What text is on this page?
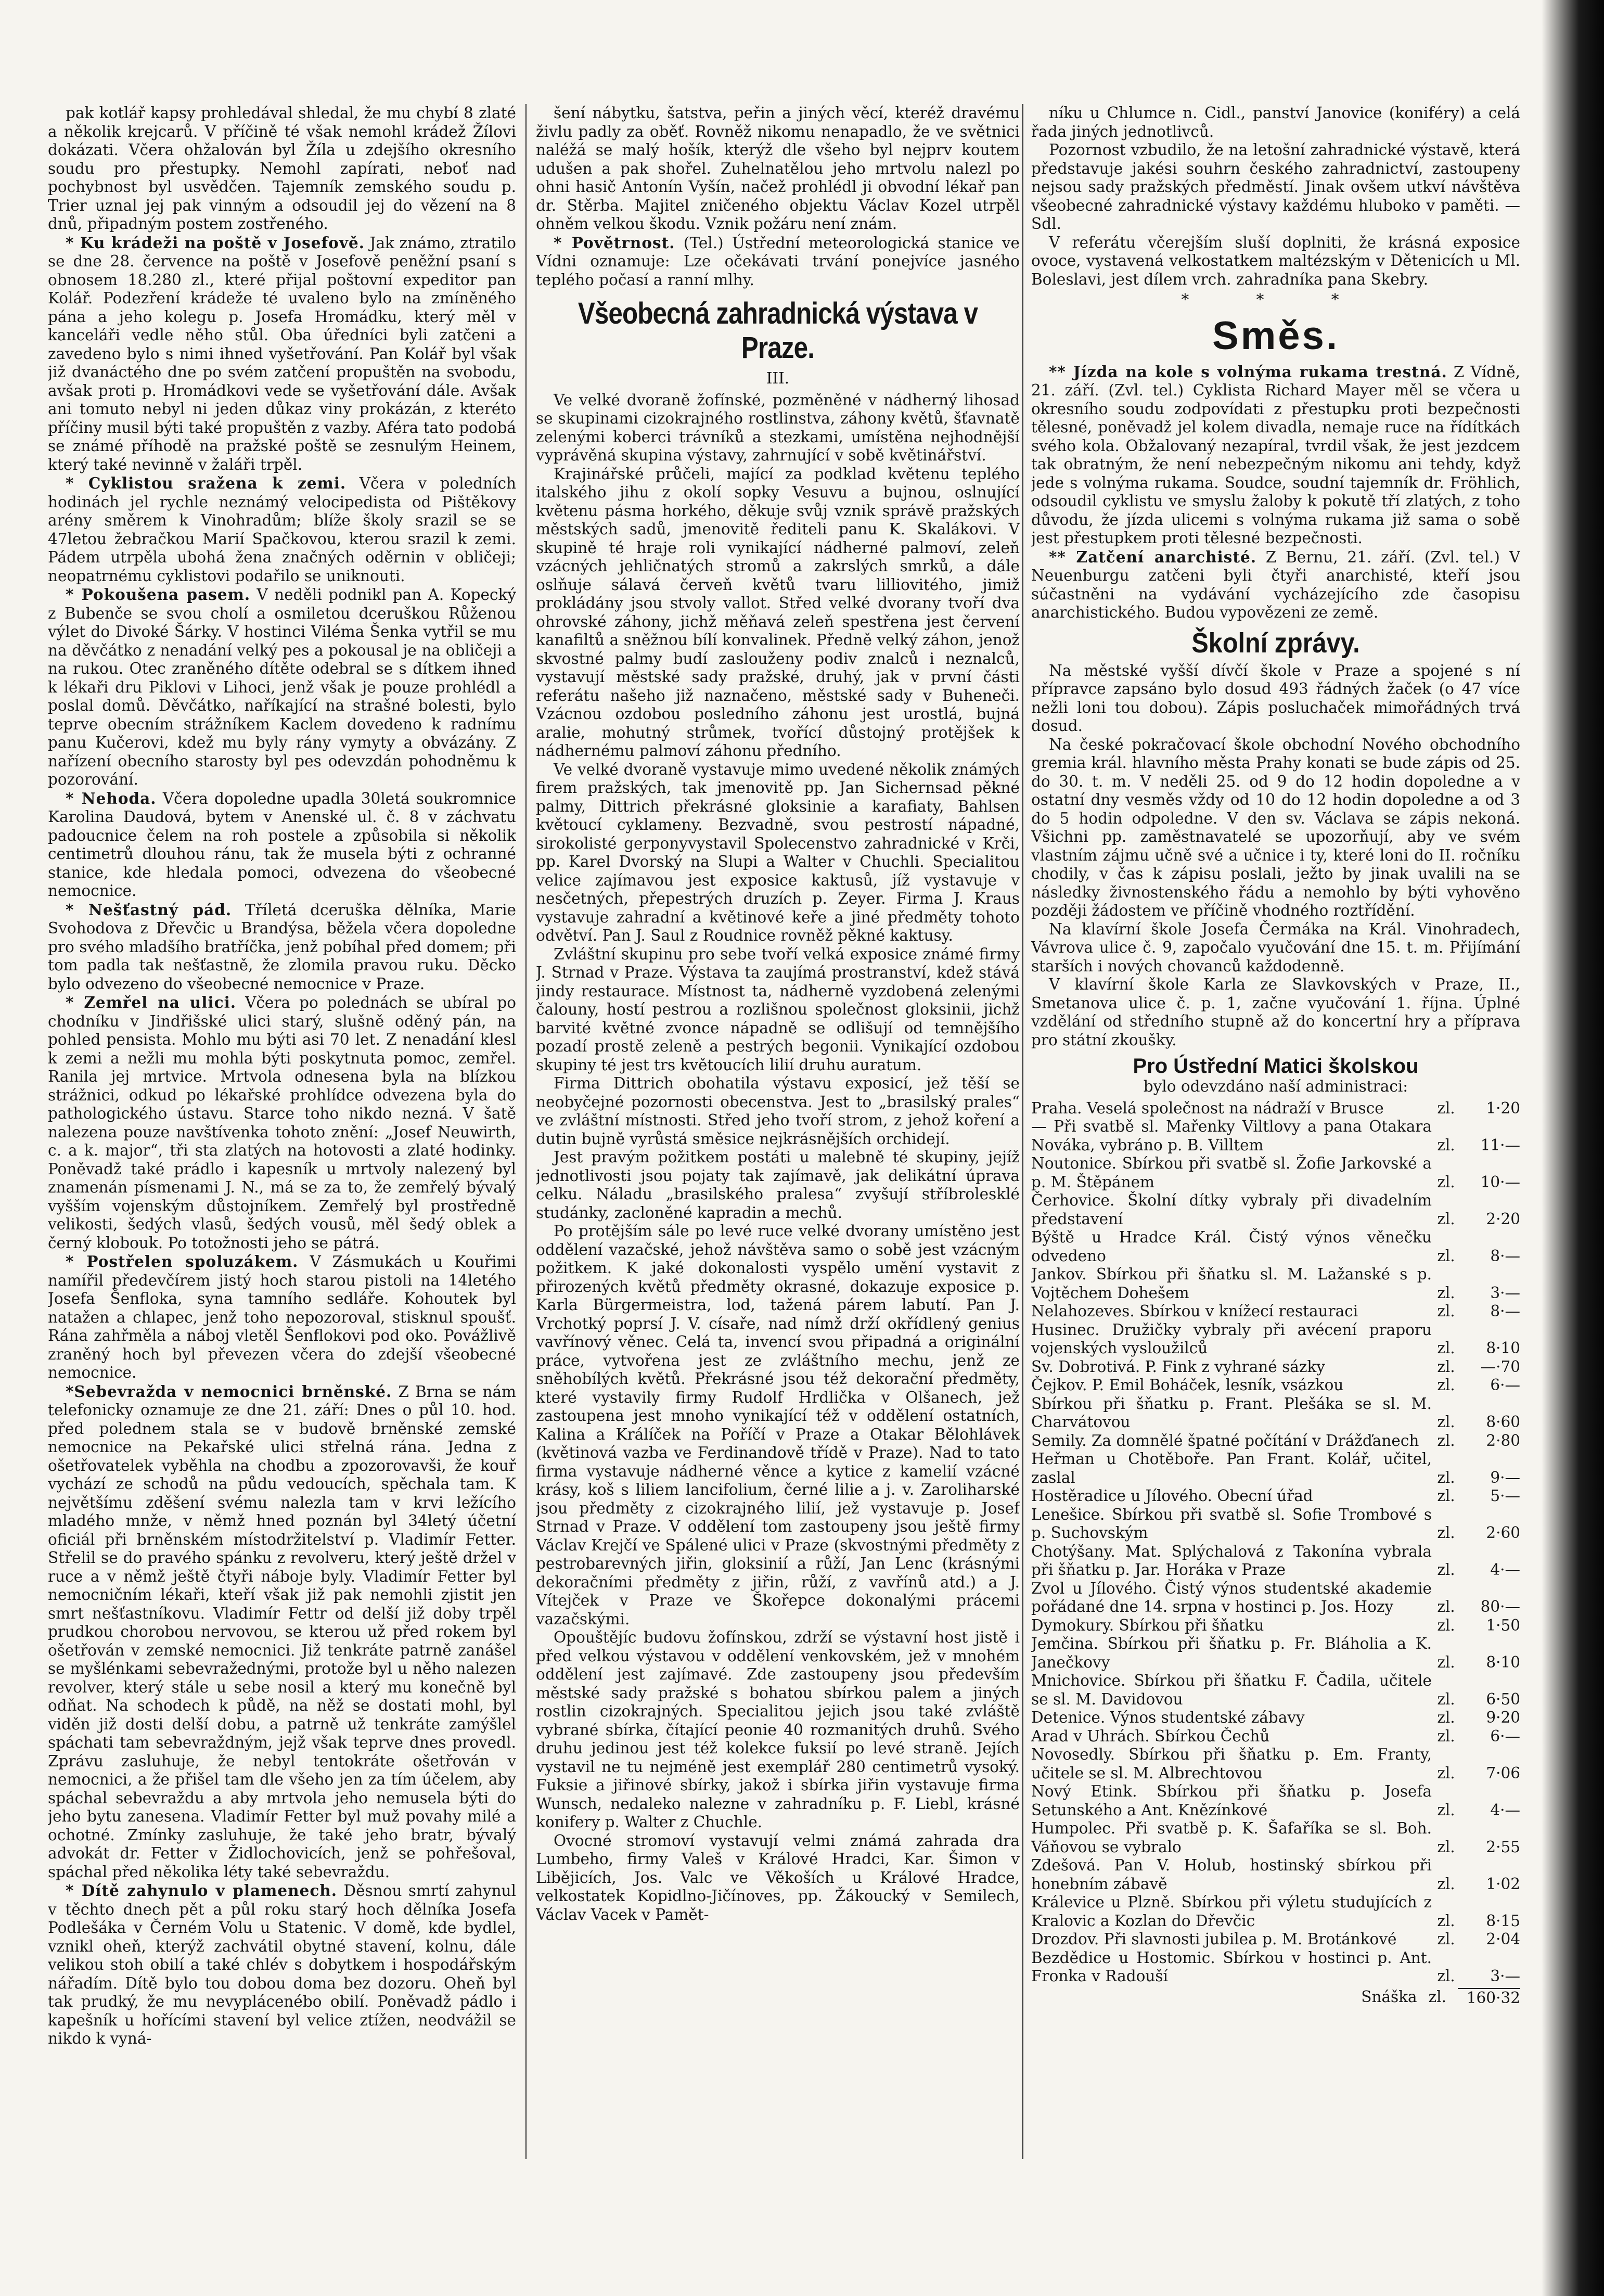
pak kotlář kapsy prohledával shledal, že mu chybí 8 zlaté a několik krejcarů. V příčině té však nemohl krádež Žílovi dokázati. Včera ohžalován byl Žíla u zdejšího okresního soudu pro přestupky. Nemohl zapírati, neboť nad pochybnost byl usvědčen. Tajemník zemského soudu p. Trier uznal jej pak vinným a odsoudil jej do vězení na 8 dnů, připadným postem zostřeného.

* Ku krádeži na poště v Josefově. Jak známo, ztratilo se dne 28. července na poště v Josefově peněžní psaní s obnosem 18.280 zl., které přijal poštovní expeditor pan Kolář. Podezření krádeže té uvaleno bylo na zmíněného pána a jeho kolegu p. Josefa Hromádku, který měl v kanceláři vedle něho stůl. Oba úředníci byli zatčeni a zavedeno bylo s nimi ihned vyšetřování. Pan Kolář byl však již dvanáctého dne po svém zatčení propuštěn na svobodu, avšak proti p. Hromádkovi vede se vyšetřování dále. Avšak ani tomuto nebyl ni jeden důkaz viny prokázán, z kteréto příčiny musil býti také propuštěn z vazby. Aféra tato podobá se známé příhodě na pražské poště se zesnulým Heinem, který také nevinně v žaláři trpěl.

* Cyklistou sražena k zemi. Včera v poledních hodinách jel rychle neznámý velocipedista od Pištěkovy arény směrem k Vinohradům; blíže školy srazil se se 47letou žebračkou Marií Spačkovou, kterou srazil k zemi. Pádem utrpěla ubohá žena značných oděrnin v obličeji; neopatrnému cyklistovi podařilo se uniknouti.

* Pokoušena pasem. V neděli podnikl pan A. Kopecký z Bubenče se svou cholí a osmiletou dceruškou Růženou výlet do Divoké Šárky. V hostinci Viléma Šenka vytřil se mu na děvčátko z nenadání velký pes a pokousal je na obličeji a na rukou. Otec zraněného dítěte odebral se s dítkem ihned k lékaři dru Piklovi v Lihoci, jenž však je pouze prohlédl a poslal domů. Děvčátko, naříkající na strašné bolesti, bylo teprve obecním strážníkem Kaclem dovedeno k radnímu panu Kučerovi, kdež mu byly rány vymyty a obvázány. Z nařízení obecního starosty byl pes odevzdán pohodněmu k pozorování.

* Nehoda. Včera dopoledne upadla 30letá soukromnice Karolina Daudová, bytem v Anenské ul. č. 8 v záchvatu padoucnice čelem na roh postele a způsobila si několik centimetrů dlouhou ránu, tak že musela býti z ochranné stanice, kde hledala pomoci, odvezena do všeobecné nemocnice.

* Nešťastný pád. Tříletá dceruška dělníka, Marie Svohodova z Dřevčic u Brandýsa, běžela včera dopoledne pro svého mladšího bratříčka, jenž pobíhal před domem; při tom padla tak nešťastně, že zlomila pravou ruku. Děcko bylo odvezeno do všeobecné nemocnice v Praze.

* Zemřel na ulici. Včera po polednách se ubíral po chodníku v Jindřišské ulici starý, slušně oděný pán, na pohled pensista. Mohlo mu býti asi 70 let. Z nenadání klesl k zemi a nežli mu mohla býti poskytnuta pomoc, zemřel. Ranila jej mrtvice. Mrtvola odnesena byla na blízkou strážnici, odkud po lékařské prohlídce odvezena byla do pathologického ústavu. Starce toho nikdo nezná. V šatě nalezena pouze navštívenka tohoto znění: „Josef Neuwirth, c. a k. major“, tři sta zlatých na hotovosti a zlaté hodinky. Poněvadž také prádlo i kapesník u mrtvoly nalezený byl znamenán písmenami J. N., má se za to, že zemřelý bývalý vyšším vojenským důstojníkem. Zemřelý byl prostředně velikosti, šedých vlasů, šedých vousů, měl šedý oblek a černý klobouk. Po totožnosti jeho se pátrá.

* Postřelen spoluzákem. V Zásmukách u Kouřimi namířil předevčírem jistý hoch starou pistoli na 14letého Josefa Šenfloka, syna tamního sedláře. Kohoutek byl natažen a chlapec, jenž toho nepozoroval, stisknul spoušť. Rána zahřměla a náboj vletěl Šenflokovi pod oko. Povážlivě zraněný hoch byl převezen včera do zdejší všeobecné nemocnice.

*Sebevražda v nemocnici brněnské. Z Brna se nám telefonicky oznamuje ze dne 21. září: Dnes o půl 10. hod. před polednem stala se v budově brněnské zemské nemocnice na Pekařské ulici střelná rána. Jedna z ošetřovatelek vyběhla na chodbu a zpozorovavši, že kouř vychází ze schodů na půdu vedoucích, spěchala tam. K největšímu zděšení svému nalezla tam v krvi ležícího mladého mnže, v němž hned poznán byl 34letý účetní oficiál při brněnském místodržitelství p. Vladimír Fetter. Střelil se do pravého spánku z revolveru, který ještě držel v ruce a v němž ještě čtyři náboje byly. Vladimír Fetter byl nemocničním lékaři, kteří však již pak nemohli zjistit jen smrt nešťastníkovu. Vladimír Fettr od delší již doby trpěl prudkou chorobou nervovou, se kterou už před rokem byl ošetřován v zemské nemocnici. Již tenkráte patrně zanášel se myšlénkami sebevražednými, protože byl u něho nalezen revolver, který stále u sebe nosil a který mu konečně byl odňat. Na schodech k půdě, na něž se dostati mohl, byl viděn již dosti delší dobu, a patrně už tenkráte zamýšlel spáchati tam sebevraždným, jejž však teprve dnes provedl. Zprávu zasluhuje, že nebyl tentokráte ošetřován v nemocnici, a že přišel tam dle všeho jen za tím účelem, aby spáchal sebevraždu a aby mrtvola jeho nemusela býti do jeho bytu zanesena. Vladimír Fetter byl muž povahy milé a ochotné. Zmínky zasluhuje, že také jeho bratr, bývalý advokát dr. Fetter v Židlochovicích, jenž se pohřešoval, spáchal před několika léty také sebevraždu.

* Dítě zahynulo v plamenech. Děsnou smrtí zahynul v těchto dnech pět a půl roku starý hoch dělníka Josefa Podlešáka v Černém Volu u Statenic. V domě, kde bydlel, vznikl oheň, kterýž zachvátil obytné stavení, kolnu, dále velikou stoh obilí a také chlév s dobytkem i hospodářským nářadím. Dítě bylo tou dobou doma bez dozoru. Oheň byl tak prudký, že mu nevyplácenébo obilí. Poněvadž pádlo i kapešník u hořícími stavení byl velice ztížen, neodvážil se nikdo k vyná-

šení nábytku, šatstva, peřin a jiných věcí, kteréž dravému živlu padly za oběť. Rovněž nikomu nenapadlo, že ve světnici naléžá se malý hošík, kterýž dle všeho byl nejprv koutem udušen a pak shořel. Zuhelnatělou jeho mrtvolu nalezl po ohni hasič Antonín Vyšín, načež prohlédl ji obvodní lékař pan dr. Stěrba. Majitel zničeného objektu Václav Kozel utrpěl ohněm velkou škodu. Vznik požáru není znám.

* Povětrnost. (Tel.) Ústřední meteorologická stanice ve Vídni oznamuje: Lze očekávati trvání ponejvíce jasného teplého počasí a ranní mlhy.

Všeobecná zahradnická výstava v Praze.
III.

Ve velké dvoraně žofínské, pozměněné v nádherný lihosad se skupinami cizokrajného rostlinstva, záhony květů, šťavnatě zelenými koberci trávníků a stezkami, umístěna nejhodnější vyprávěná skupina výstavy, zahrnující v sobě květinářství.

Krajinářské průčeli, mající za podklad květenu teplého italského jihu z okolí sopky Vesuvu a bujnou, oslnující květenu pásma horkého, děkuje svůj vznik správě pražských městských sadů, jmenovitě řediteli panu K. Skalákovi. V skupině té hraje roli vynikající nádherné palmoví, zeleň vzácných jehličnatých stromů a zakrslých smrků, a dále oslňuje sálavá červeň květů tvaru lilliovitého, jimiž prokládány jsou stvoly vallot. Střed velké dvorany tvoří dva ohrovské záhony, jichž měňavá zeleň spestřena jest červení kanafiltů a sněžnou bílí konvalinek. Předně velký záhon, jenož skvostné palmy budí zaslouženy podiv znalců i neznalců, vystavují městské sady pražské, druhý, jak v první části referátu našeho již naznačeno, městské sady v Buheneči. Vzácnou ozdobou posledního záhonu jest urostlá, bujná aralie, mohutný strůmek, tvořící důstojný protějšek k nádhernému palmoví záhonu předního.

Ve velké dvoraně vystavuje mimo uvedené několik známých firem pražských, tak jmenovitě pp. Jan Sichernsad pěkné palmy, Dittrich překrásné gloksinie a karafiaty, Bahlsen květoucí cyklameny. Bezvadně, svou pestrostí nápadné, sirokolisté gerponyvystavil Spolecenstvo zahradnické v Krči, pp. Karel Dvorský na Slupi a Walter v Chuchli. Specialitou velice zajímavou jest exposice kaktusů, jíž vystavuje v nesčetných, přepestrých druzích p. Zeyer. Firma J. Kraus vystavuje zahradní a květinové keře a jiné předměty tohoto odvětví. Pan J. Saul z Roudnice rovněž pěkné kaktusy.

Zvláštní skupinu pro sebe tvoří velká exposice známé firmy J. Strnad v Praze. Výstava ta zaujímá prostranství, kdež stává jindy restaurace. Místnost ta, nádherně vyzdobená zelenými čalouny, hostí pestrou a rozlišnou společnost gloksinii, jichž barvité květné zvonce nápadně se odlišují od temnějšího pozadí prostě zeleně a pestrých begonii. Vynikající ozdobou skupiny té jest trs květoucích lilií druhu auratum.

Firma Dittrich obohatila výstavu exposicí, jež těší se neobyčejné pozornosti obecenstva. Jest to „brasilský prales“ ve zvláštní místnosti. Střed jeho tvoří strom, z jehož koření a dutin bujně vyrůstá směsice nejkrásnějších orchidejí.

Jest pravým požitkem postáti u malebně té skupiny, jejíž jednotlivosti jsou pojaty tak zajímavě, jak delikátní úprava celku. Náladu „brasilského pralesa“ zvyšují stříbrolesklé studánky, zacloněné kapradin a mechů.

Po protějším sále po levé ruce velké dvorany umístěno jest oddělení vazačské, jehož návštěva samo o sobě jest vzácným požitkem. K jaké dokonalosti vyspělo umění vystavit z přirozených květů předměty okrasné, dokazuje exposice p. Karla Bürgermeistra, lod, tažená párem labutí. Pan J. Vrchotký poprsí J. V. císaře, nad nímž drží okřídlený genius vavřínový věnec. Celá ta, invencí svou připadná a originální práce, vytvořena jest ze zvláštního mechu, jenž ze sněhobílých květů. Překrásné jsou též dekorační předměty, které vystavily firmy Rudolf Hrdlička v Olšanech, jež zastoupena jest mnoho vynikající též v oddělení ostatních, Kalina a Králíček na Poříčí v Praze a Otakar Bělohlávek (květinová vazba ve Ferdinandově třídě v Praze). Nad to tato firma vystavuje nádherné věnce a kytice z kamelií vzácné krásy, koš s liliem lancifolium, černé lilie a j. v. Zaroliharské jsou předměty z cizokrajného lilií, jež vystavuje p. Josef Strnad v Praze. V oddělení tom zastoupeny jsou ještě firmy Václav Krejčí ve Spálené ulici v Praze (skvostnými předměty z pestrobarevných jiřin, gloksinií a růží, Jan Lenc (krásnými dekoračními předměty z jiřin, růží, z vavřínů atd.) a J. Vítejček v Praze ve Škořepce dokonalými prácemi vazačskými.

Opouštějíc budovu žofínskou, zdrží se výstavní host jistě i před velkou výstavou v oddělení venkovském, jež v mnohém oddělení jest zajímavé. Zde zastoupeny jsou především městské sady pražské s bohatou sbírkou palem a jiných rostlin cizokrajných. Specialitou jejich jsou také zvláště vybrané sbírka, čítající peonie 40 rozmanitých druhů. Svého druhu jedinou jest též kolekce fuksií po levé straně. Jejích vystavil ne tu nejméně jest exemplář 280 centimetrů vysoký. Fuksie a jiřinové sbírky, jakož i sbírka jiřin vystavuje firma Wunsch, nedaleko nalezne v zahradníku p. F. Liebl, krásné konifery p. Walter z Chuchle.

Ovocné stromoví vystavují velmi známá zahrada dra Lumbeho, firmy Valeš v Králové Hradci, Kar. Šimon v Libějicích, Jos. Valc ve Věkoších u Králové Hradce, velkostatek Kopidlno-Jičínoves, pp. Žákoucký v Semilech, Václav Vacek v Pamět-

níku u Chlumce n. Cidl., panství Janovice (koniféry) a celá řada jiných jednotlivců.

Pozornost vzbudilo, že na letošní zahradnické výstavě, která představuje jakési souhrn českého zahradnictví, zastoupeny nejsou sady pražských předměstí. Jinak ovšem utkví návštěva všeobecné zahradnické výstavy každému hluboko v paměti. —Sdl.

V referátu včerejším sluší doplniti, že krásná exposice ovoce, vystavená velkostatkem maltézským v Dětenicích u Ml. Boleslavi, jest dílem vrch. zahradníka pana Skebry.

* * *
Směs.

** Jízda na kole s volnýma rukama trestná. Z Vídně, 21. září. (Zvl. tel.) Cyklista Richard Mayer měl se včera u okresního soudu zodpovídati z přestupku proti bezpečnosti tělesné, poněvadž jel kolem divadla, nemaje ruce na řídítkách svého kola. Obžalovaný nezapíral, tvrdil však, že jest jezdcem tak obratným, že není nebezpečným nikomu ani tehdy, když jede s volnýma rukama. Soudce, soudní tajemník dr. Fröhlich, odsoudil cyklistu ve smyslu žaloby k pokutě tří zlatých, z toho důvodu, že jízda ulicemi s volnýma rukama již sama o sobě jest přestupkem proti tělesné bezpečnosti.

** Zatčení anarchisté. Z Bernu, 21. září. (Zvl. tel.) V Neuenburgu zatčeni byli čtyři anarchisté, kteří jsou súčastněni na vydávání vycházejícího zde časopisu anarchistického. Budou vypovězeni ze země.

Školní zprávy.

Na městské vyšší dívčí škole v Praze a spojené s ní přípravce zapsáno bylo dosud 493 řádných žaček (o 47 více nežli loni tou dobou). Zápis posluchaček mimořádných trvá dosud.

Na české pokračovací škole obchodní Nového obchodního gremia král. hlavního města Prahy konati se bude zápis od 25. do 30. t. m. V neděli 25. od 9 do 12 hodin dopoledne a v ostatní dny vesměs vždy od 10 do 12 hodin dopoledne a od 3 do 5 hodin odpoledne. V den sv. Václava se zápis nekoná. Všichni pp. zaměstnavatelé se upozorňují, aby ve svém vlastním zájmu učně své a učnice i ty, které loni do II. ročníku chodily, v čas k zápisu poslali, ježto by jinak uvalili na se následky živnostenského řádu a nemohlo by býti vyhověno později žádostem ve příčině vhodného roztřídění.

Na klavírní škole Josefa Čermáka na Král. Vinohradech, Vávrova ulice č. 9, započalo vyučování dne 15. t. m. Přijímání starších i nových chovanců každodenně.

V klavírní škole Karla ze Slavkovských v Praze, II., Smetanova ulice č. p. 1, začne vyučování 1. října. Úplné vzdělání od středního stupně až do koncertní hry a příprava pro státní zkoušky.

Pro Ústřední Matici školskou
bylo odevzdáno naší administraci:
Praha. Veselá společnost na nádraží v Brusce	zl.	1·20
— Při svatbě sl. Mařenky Viltlovy a pana Otakara Nováka, vybráno p. B. Villtem	zl.	11·—
Noutonice. Sbírkou při svatbě sl. Žofie Jarkovské a p. M. Štěpánem	zl.	10·—
Čerhovice. Školní dítky vybraly při divadelním představení	zl.	2·20
Býště u Hradce Král. Čistý výnos věnečku odvedeno	zl.	8·—
Jankov. Sbírkou při šňatku sl. M. Lažanské s p. Vojtěchem Dohešem	zl.	3·—
Nelahozeves. Sbírkou v knížecí restauraci	zl.	8·—
Husinec. Družičky vybraly při avécení praporu vojenských vysloužilců	zl.	8·10
Sv. Dobrotivá. P. Fink z vyhrané sázky	zl.	—·70
Čejkov. P. Emil Boháček, lesník, vsázkou	zl.	6·—
Sbírkou při šňatku p. Frant. Plešáka se sl. M. Charvátovou	zl.	8·60
Semily. Za domnělé špatné počítání v Drážďanech	zl.	2·80
Heřman u Chotěboře. Pan Frant. Kolář, učitel, zaslal	zl.	9·—
Hostěradice u Jílového. Obecní úřad	zl.	5·—
Lenešice. Sbírkou při svatbě sl. Sofie Trombové s p. Suchovským	zl.	2·60
Chotýšany. Mat. Splýchalová z Takonína vybrala při šňatku p. Jar. Horáka v Praze	zl.	4·—
Zvol u Jílového. Čistý výnos studentské akademie pořádané dne 14. srpna v hostinci p. Jos. Hozy	zl.	80·—
Dymokury. Sbírkou při šňatku	zl.	1·50
Jemčina. Sbírkou při šňatku p. Fr. Bláholia a K. Janečkovy	zl.	8·10
Mnichovice. Sbírkou při šňatku F. Čadila, učitele se sl. M. Davidovou	zl.	6·50
Detenice. Výnos studentské zábavy	zl.	9·20
Arad v Uhrách. Sbírkou Čechů	zl.	6·—
Novosedly. Sbírkou při šňatku p. Em. Franty, učitele se sl. M. Albrechtovou	zl.	7·06
Nový Etink. Sbírkou při šňatku p. Josefa Setunského a Ant. Knězínkové	zl.	4·—
Humpolec. Při svatbě p. K. Šafaříka se sl. Boh. Váňovou se vybralo	zl.	2·55
Zdešová. Pan V. Holub, hostinský sbírkou při honebním zábavě	zl.	1·02
Králevice u Plzně. Sbírkou při výletu studujících z Kralovic a Kozlan do Dřevčic	zl.	8·15
Drozdov. Při slavnosti jubilea p. M. Brotánkové	zl.	2·04
Bezdědice u Hostomic. Sbírkou v hostinci p. Ant. Fronka v Radouší	zl.	3·—
Snáška zl.	160·32
